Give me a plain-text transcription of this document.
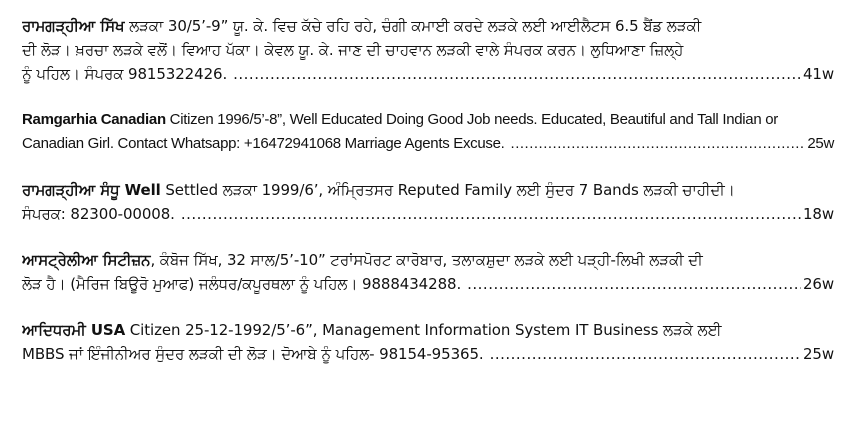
ਰਾਮਗੜ੍ਹੀਆ ਸਿੱਖ ਲੜਕਾ 30/5’-9” ਯੂ. ਕੇ. ਵਿਚ ਕੱਚੇ ਰਹਿ ਰਹੇ, ਚੰਗੀ ਕਮਾਈ ਕਰਦੇ ਲੜਕੇ ਲਈ ਆਈਲੈਟਸ 6.5 ਬੈਂਡ ਲੜਕੀ
ਦੀ ਲੋੜ। ਖ਼ਰਚਾ ਲੜਕੇ ਵਲੋਂ। ਵਿਆਹ ਪੱਕਾ। ਕੇਵਲ ਯੂ. ਕੇ. ਜਾਣ ਦੀ ਚਾਹਵਾਨ ਲੜਕੀ ਵਾਲੇ ਸੰਪਰਕ ਕਰਨ। ਲੁਧਿਆਣਾ ਜ਼ਿਲ੍ਹੇ
ਨੂੰ ਪਹਿਲ। ਸੰਪਰਕ 9815322426. .....	41w

Ramgarhia Canadian Citizen 1996/5’-8”, Well Educated Doing Good Job needs. Educated, Beautiful and Tall Indian or
Canadian Girl. Contact Whatsapp: +16472941068 Marriage Agents Excuse. .....	25w

ਰਾਮਗੜ੍ਹੀਆ ਸੰਧੂ Well Settled ਲੜਕਾ 1999/6’, ਅੰਮ੍ਰਿਤਸਰ Reputed Family ਲਈ ਸੁੰਦਰ 7 Bands ਲੜਕੀ ਚਾਹੀਦੀ।
ਸੰਪਰਕ: 82300-00008. .....	18w

ਆਸਟ੍ਰੇਲੀਆ ਸਿਟੀਜ਼ਨ, ਕੰਬੋਜ ਸਿੱਖ, 32 ਸਾਲ/5’-10” ਟਰਾਂਸਪੋਰਟ ਕਾਰੋਬਾਰ, ਤਲਾਕਸ਼ੁਦਾ ਲੜਕੇ ਲਈ ਪੜ੍ਹੀ-ਲਿਖੀ ਲੜਕੀ ਦੀ
ਲੋੜ ਹੈ। (ਮੈਰਿਜ ਬਿਊਰੋ ਮੁਆਫ) ਜਲੰਧਰ/ਕਪੂਰਥਲਾ ਨੂੰ ਪਹਿਲ। 9888434288. .....	26w

ਆਦਿਧਰਮੀ USA Citizen 25-12-1992/5’-6”, Management Information System IT Business ਲੜਕੇ ਲਈ
MBBS ਜਾਂ ਇੰਜੀਨੀਅਰ ਸੁੰਦਰ ਲੜਕੀ ਦੀ ਲੋੜ। ਦੋਆਬੇ ਨੂੰ ਪਹਿਲ- 98154-95365. .....	25w
